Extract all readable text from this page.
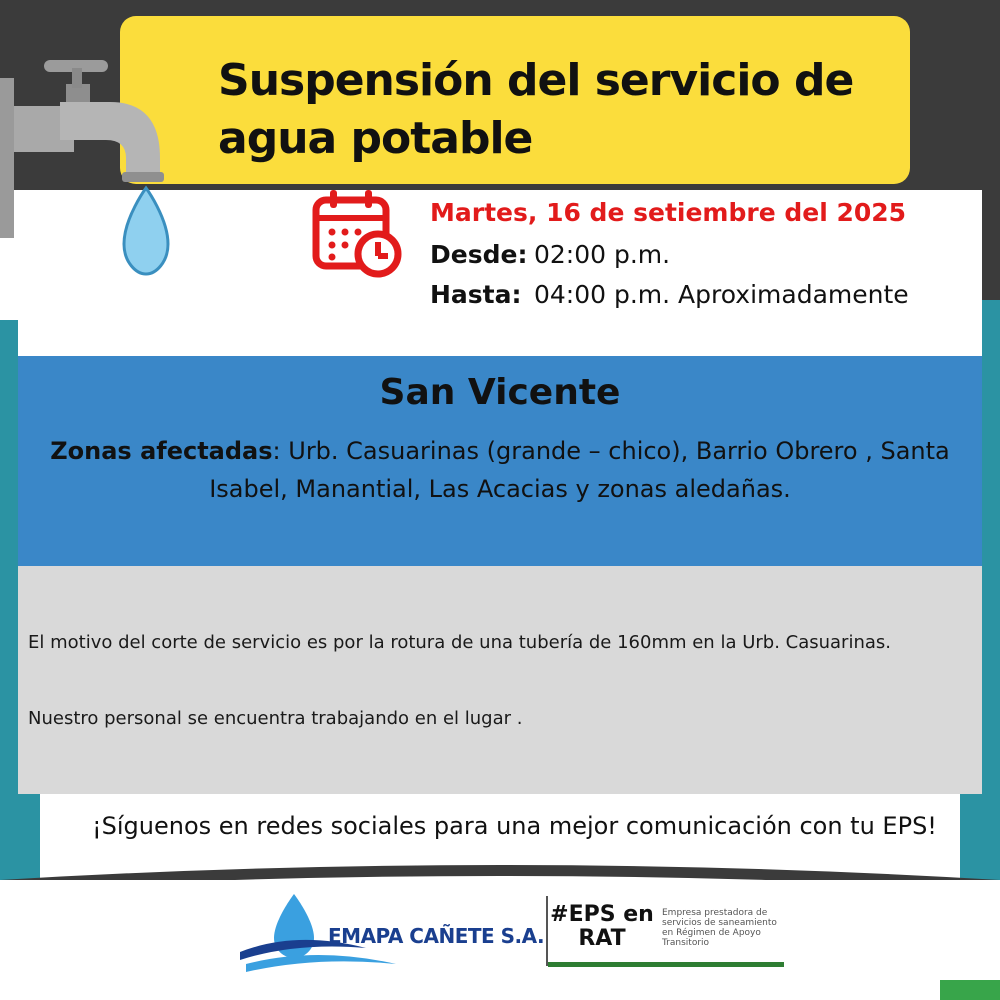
Suspensión del servicio de agua potable
Martes, 16 de setiembre del 2025
Desde: 02:00 p.m.
Hasta: 04:00 p.m. Aproximadamente
San Vicente
Zonas afectadas: Urb. Casuarinas (grande – chico), Barrio Obrero , Santa Isabel, Manantial, Las Acacias y zonas aledañas.
El motivo del corte de servicio es por la rotura de una tubería de 160mm en la Urb. Casuarinas.
Nuestro personal se encuentra trabajando en el lugar .
¡Síguenos en redes sociales para una mejor comunicación con tu EPS!
EMAPA CAÑETE S.A.
#EPS en
RAT
Empresa prestadora de servicios de saneamiento en Régimen de Apoyo Transitorio
